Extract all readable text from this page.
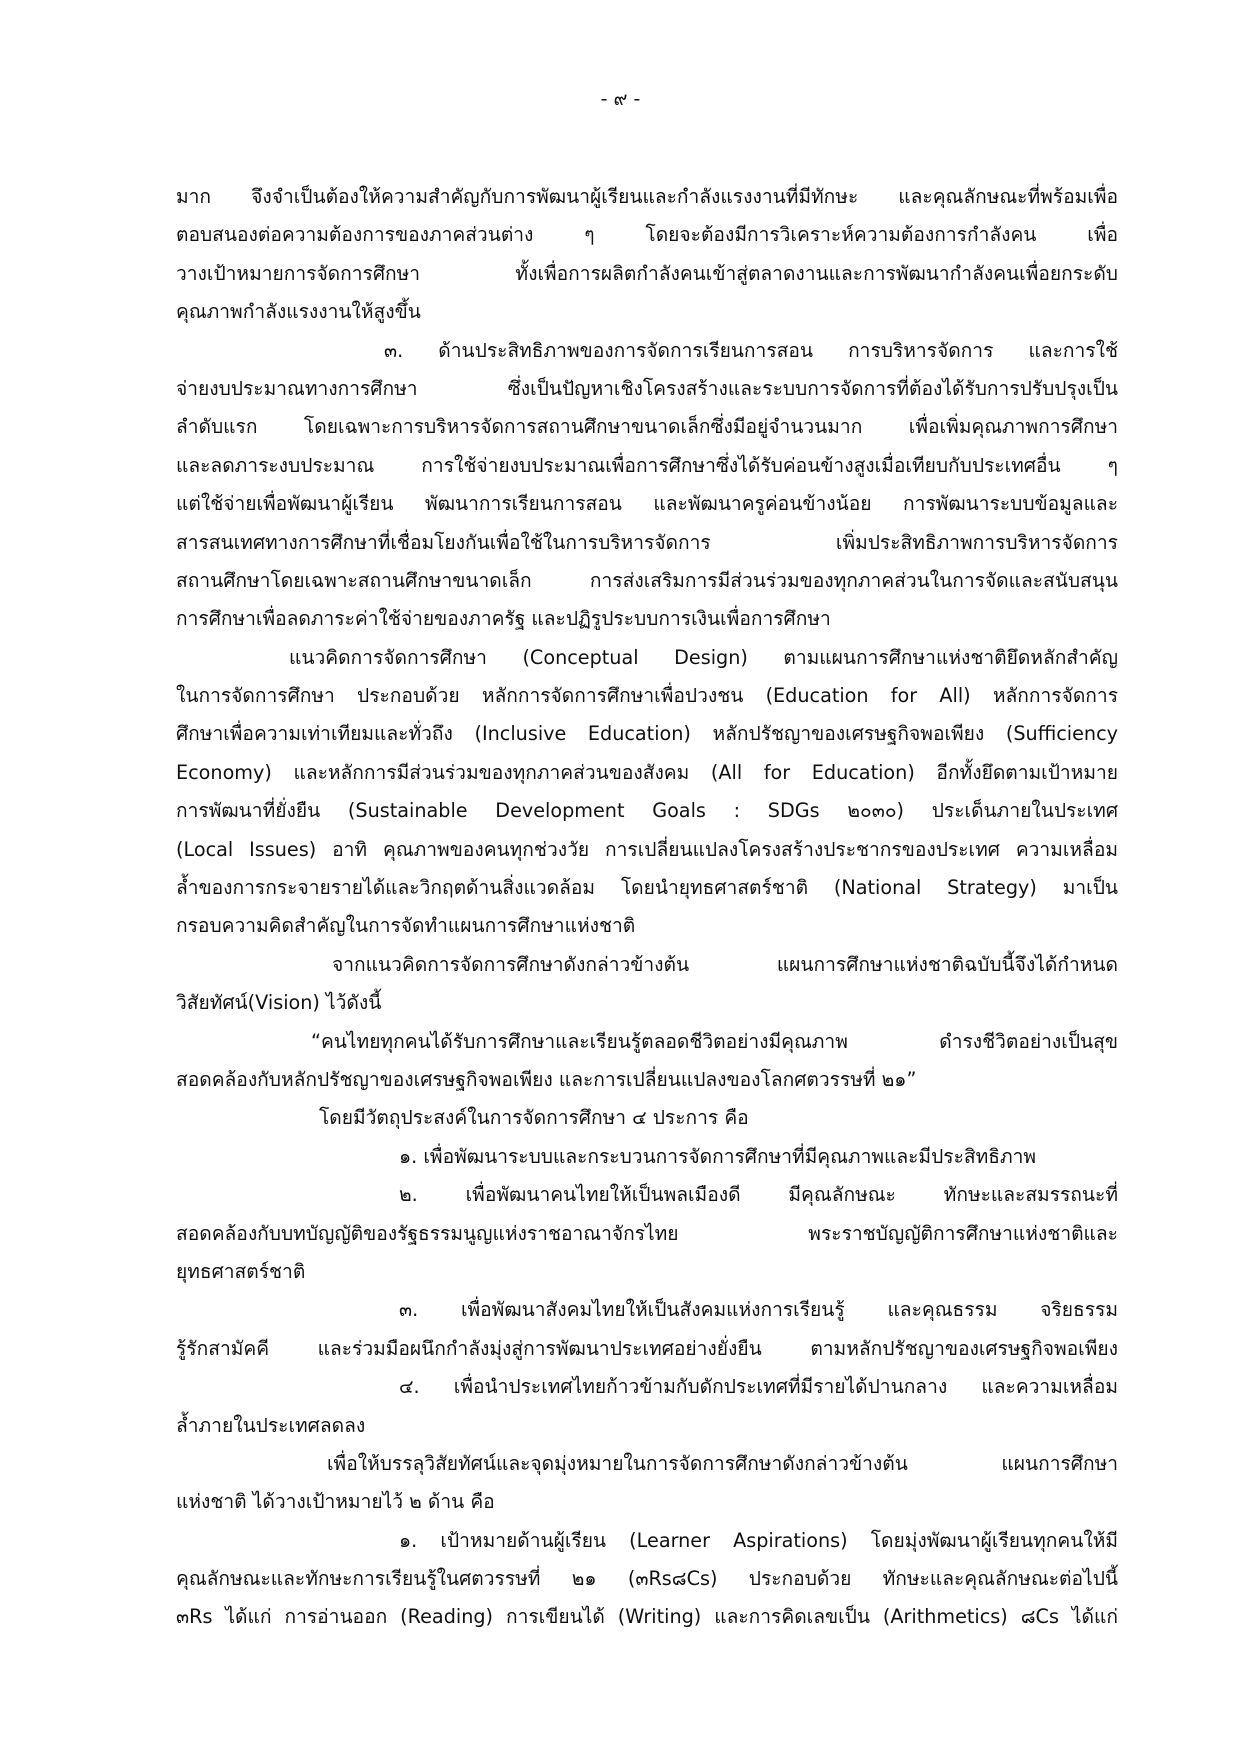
- ๙ -
มาก จึงจำเป็นต้องให้ความสำคัญกับการพัฒนาผู้เรียนและกำลังแรงงานที่มีทักษะ และคุณลักษณะที่พร้อมเพื่อ
ตอบสนองต่อความต้องการของภาคส่วนต่าง ๆ โดยจะต้องมีการวิเคราะห์ความต้องการกำลังคน เพื่อ
วางเป้าหมายการจัดการศึกษา ทั้งเพื่อการผลิตกำลังคนเข้าสู่ตลาดงานและการพัฒนากำลังคนเพื่อยกระดับ
คุณภาพกำลังแรงงานให้สูงขึ้น
๓. ด้านประสิทธิภาพของการจัดการเรียนการสอน การบริหารจัดการ และการใช้
จ่ายงบประมาณทางการศึกษา ซึ่งเป็นปัญหาเชิงโครงสร้างและระบบการจัดการที่ต้องได้รับการปรับปรุงเป็น
ลำดับแรก โดยเฉพาะการบริหารจัดการสถานศึกษาขนาดเล็กซึ่งมีอยู่จำนวนมาก เพื่อเพิ่มคุณภาพการศึกษา
และลดภาระงบประมาณ การใช้จ่ายงบประมาณเพื่อการศึกษาซึ่งได้รับค่อนข้างสูงเมื่อเทียบกับประเทศอื่น ๆ
แต่ใช้จ่ายเพื่อพัฒนาผู้เรียน พัฒนาการเรียนการสอน และพัฒนาครูค่อนข้างน้อย การพัฒนาระบบข้อมูลและ
สารสนเทศทางการศึกษาที่เชื่อมโยงกันเพื่อใช้ในการบริหารจัดการ เพิ่มประสิทธิภาพการบริหารจัดการ
สถานศึกษาโดยเฉพาะสถานศึกษาขนาดเล็ก การส่งเสริมการมีส่วนร่วมของทุกภาคส่วนในการจัดและสนับสนุน
การศึกษาเพื่อลดภาระค่าใช้จ่ายของภาครัฐ และปฏิรูประบบการเงินเพื่อการศึกษา
แนวคิดการจัดการศึกษา (Conceptual Design) ตามแผนการศึกษาแห่งชาติยึดหลักสำคัญ
ในการจัดการศึกษา ประกอบด้วย หลักการจัดการศึกษาเพื่อปวงชน (Education for All) หลักการจัดการ
ศึกษาเพื่อความเท่าเทียมและทั่วถึง (Inclusive Education) หลักปรัชญาของเศรษฐกิจพอเพียง (Sufficiency
Economy) และหลักการมีส่วนร่วมของทุกภาคส่วนของสังคม (All for Education) อีกทั้งยึดตามเป้าหมาย
การพัฒนาที่ยั่งยืน (Sustainable Development Goals : SDGs ๒๐๓๐) ประเด็นภายในประเทศ
(Local Issues) อาทิ คุณภาพของคนทุกช่วงวัย การเปลี่ยนแปลงโครงสร้างประชากรของประเทศ ความเหลื่อม
ล้ำของการกระจายรายได้และวิกฤตด้านสิ่งแวดล้อม โดยนำยุทธศาสตร์ชาติ (National Strategy) มาเป็น
กรอบความคิดสำคัญในการจัดทำแผนการศึกษาแห่งชาติ
จากแนวคิดการจัดการศึกษาดังกล่าวข้างต้น แผนการศึกษาแห่งชาติฉบับนี้จึงได้กำหนด
วิสัยทัศน์(Vision) ไว้ดังนี้
“คนไทยทุกคนได้รับการศึกษาและเรียนรู้ตลอดชีวิตอย่างมีคุณภาพ ดำรงชีวิตอย่างเป็นสุข
สอดคล้องกับหลักปรัชญาของเศรษฐกิจพอเพียง และการเปลี่ยนแปลงของโลกศตวรรษที่ ๒๑”
โดยมีวัตถุประสงค์ในการจัดการศึกษา ๔ ประการ คือ
๑. เพื่อพัฒนาระบบและกระบวนการจัดการศึกษาที่มีคุณภาพและมีประสิทธิภาพ
๒. เพื่อพัฒนาคนไทยให้เป็นพลเมืองดี มีคุณลักษณะ ทักษะและสมรรถนะที่
สอดคล้องกับบทบัญญัติของรัฐธรรมนูญแห่งราชอาณาจักรไทย พระราชบัญญัติการศึกษาแห่งชาติและ
ยุทธศาสตร์ชาติ
๓. เพื่อพัฒนาสังคมไทยให้เป็นสังคมแห่งการเรียนรู้ และคุณธรรม จริยธรรม
รู้รักสามัคคี และร่วมมือผนึกกำลังมุ่งสู่การพัฒนาประเทศอย่างยั่งยืน ตามหลักปรัชญาของเศรษฐกิจพอเพียง
๔. เพื่อนำประเทศไทยก้าวข้ามกับดักประเทศที่มีรายได้ปานกลาง และความเหลื่อม
ล้ำภายในประเทศลดลง
เพื่อให้บรรลุวิสัยทัศน์และจุดมุ่งหมายในการจัดการศึกษาดังกล่าวข้างต้น แผนการศึกษา
แห่งชาติ ได้วางเป้าหมายไว้ ๒ ด้าน คือ
๑. เป้าหมายด้านผู้เรียน (Learner Aspirations) โดยมุ่งพัฒนาผู้เรียนทุกคนให้มี
คุณลักษณะและทักษะการเรียนรู้ในศตวรรษที่ ๒๑ (๓Rs๘Cs) ประกอบด้วย ทักษะและคุณลักษณะต่อไปนี้
๓Rs ได้แก่ การอ่านออก (Reading) การเขียนได้ (Writing) และการคิดเลขเป็น (Arithmetics) ๘Cs ได้แก่
